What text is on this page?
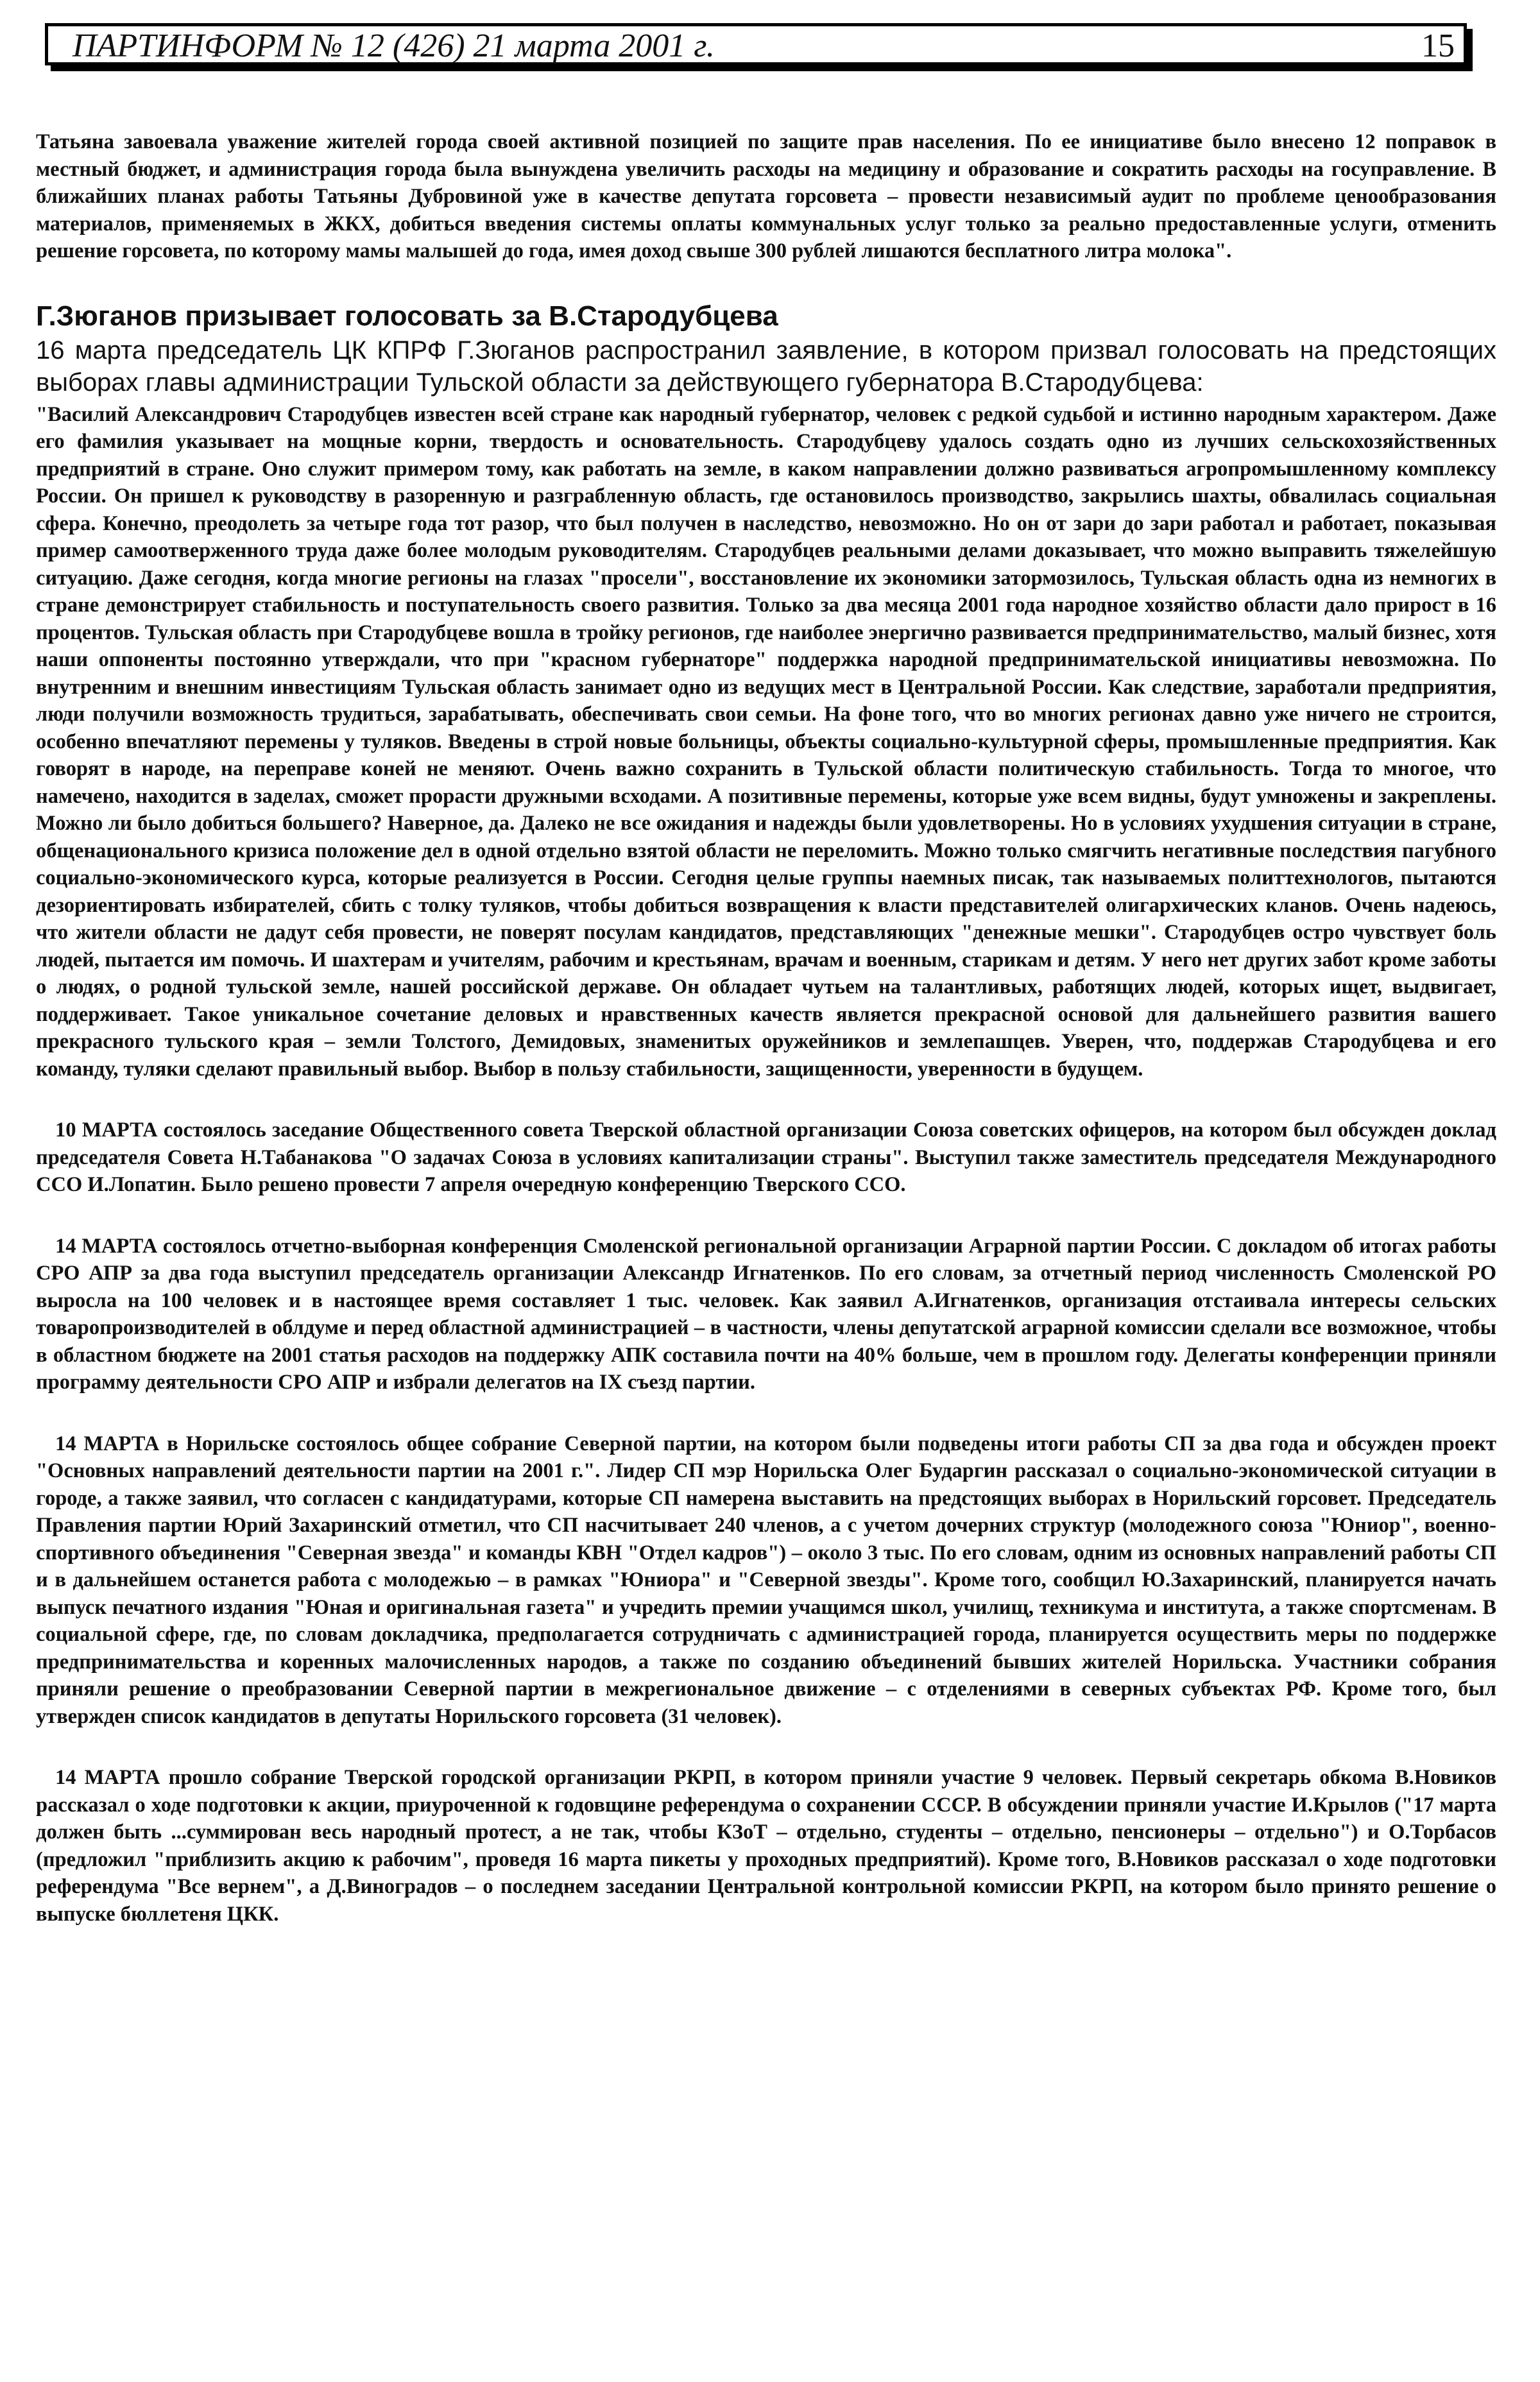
ПАРТИНФОРМ № 12 (426) 21 марта 2001 г.	15

Татьяна завоевала уважение жителей города своей активной позицией по защите прав населения. По ее инициативе было внесено 12 поправок в местный бюджет, и администрация города была вынуждена увеличить расходы на медицину и образование и сократить расходы на госуправление. В ближайших планах работы Татьяны Дубровиной уже в качестве депутата горсовета – провести независимый аудит по проблеме ценообразования материалов, применяемых в ЖКХ, добиться введения системы оплаты коммунальных услуг только за реально предоставленные услуги, отменить решение горсовета, по которому мамы малышей до года, имея доход свыше 300 рублей лишаются бесплатного литра молока".

Г.Зюганов призывает голосовать за В.Стародубцева

16 марта председатель ЦК КПРФ Г.Зюганов распространил заявление, в котором призвал голосовать на предстоящих выборах главы администрации Тульской области за действующего губернатора В.Стародубцева:

"Василий Александрович Стародубцев известен всей стране как народный губернатор, человек с редкой судьбой и истинно народным характером. Даже его фамилия указывает на мощные корни, твердость и основательность. Стародубцеву удалось создать одно из лучших сельскохозяйственных предприятий в стране. Оно служит примером тому, как работать на земле, в каком направлении должно развиваться агропромышленному комплексу России. Он пришел к руководству в разоренную и разграбленную область, где остановилось производство, закрылись шахты, обвалилась социальная сфера. Конечно, преодолеть за четыре года тот разор, что был получен в наследство, невозможно. Но он от зари до зари работал и работает, показывая пример самоотверженного труда даже более молодым руководителям. Стародубцев реальными делами доказывает, что можно выправить тяжелейшую ситуацию. Даже сегодня, когда многие регионы на глазах "просели", восстановление их экономики затормозилось, Тульская область одна из немногих в стране демонстрирует стабильность и поступательность своего развития. Только за два месяца 2001 года народное хозяйство области дало прирост в 16 процентов. Тульская область при Стародубцеве вошла в тройку регионов, где наиболее энергично развивается предпринимательство, малый бизнес, хотя наши оппоненты постоянно утверждали, что при "красном губернаторе" поддержка народной предпринимательской инициативы невозможна. По внутренним и внешним инвестициям Тульская область занимает одно из ведущих мест в Центральной России. Как следствие, заработали предприятия, люди получили возможность трудиться, зарабатывать, обеспечивать свои семьи. На фоне того, что во многих регионах давно уже ничего не строится, особенно впечатляют перемены у туляков. Введены в строй новые больницы, объекты социально-культурной сферы, промышленные предприятия. Как говорят в народе, на переправе коней не меняют. Очень важно сохранить в Тульской области политическую стабильность. Тогда то многое, что намечено, находится в заделах, сможет прорасти дружными всходами. А позитивные перемены, которые уже всем видны, будут умножены и закреплены. Можно ли было добиться большего? Наверное, да. Далеко не все ожидания и надежды были удовлетворены. Но в условиях ухудшения ситуации в стране, общенационального кризиса положение дел в одной отдельно взятой области не переломить. Можно только смягчить негативные последствия пагубного социально-экономического курса, которые реализуется в России. Сегодня целые группы наемных писак, так называемых политтехнологов, пытаются дезориентировать избирателей, сбить с толку туляков, чтобы добиться возвращения к власти представителей олигархических кланов. Очень надеюсь, что жители области не дадут себя провести, не поверят посулам кандидатов, представляющих "денежные мешки". Стародубцев остро чувствует боль людей, пытается им помочь. И шахтерам и учителям, рабочим и крестьянам, врачам и военным, старикам и детям. У него нет других забот кроме заботы о людях, о родной тульской земле, нашей российской державе. Он обладает чутьем на талантливых, работящих людей, которых ищет, выдвигает, поддерживает. Такое уникальное сочетание деловых и нравственных качеств является прекрасной основой для дальнейшего развития вашего прекрасного тульского края – земли Толстого, Демидовых, знаменитых оружейников и землепашцев. Уверен, что, поддержав Стародубцева и его команду, туляки сделают правильный выбор. Выбор в пользу стабильности, защищенности, уверенности в будущем.

10 МАРТА состоялось заседание Общественного совета Тверской областной организации Союза советских офицеров, на котором был обсужден доклад председателя Совета Н.Табанакова "О задачах Союза в условиях капитализации страны". Выступил также заместитель председателя Международного ССО И.Лопатин. Было решено провести 7 апреля очередную конференцию Тверского ССО.

14 МАРТА состоялось отчетно-выборная конференция Смоленской региональной организации Аграрной партии России. С докладом об итогах работы СРО АПР за два года выступил председатель организации Александр Игнатенков. По его словам, за отчетный период численность Смоленской РО выросла на 100 человек и в настоящее время составляет 1 тыс. человек. Как заявил А.Игнатенков, организация отстаивала интересы сельских товаропроизводителей в облдуме и перед областной администрацией – в частности, члены депутатской аграрной комиссии сделали все возможное, чтобы в областном бюджете на 2001 статья расходов на поддержку АПК составила почти на 40% больше, чем в прошлом году. Делегаты конференции приняли программу деятельности СРО АПР и избрали делегатов на IX съезд партии.

14 МАРТА в Норильске состоялось общее собрание Северной партии, на котором были подведены итоги работы СП за два года и обсужден проект "Основных направлений деятельности партии на 2001 г.". Лидер СП мэр Норильска Олег Бударгин рассказал о социально-экономической ситуации в городе, а также заявил, что согласен с кандидатурами, которые СП намерена выставить на предстоящих выборах в Норильский горсовет. Председатель Правления партии Юрий Захаринский отметил, что СП насчитывает 240 членов, а с учетом дочерних структур (молодежного союза "Юниор", военно-спортивного объединения "Северная звезда" и команды КВН "Отдел кадров") – около 3 тыс. По его словам, одним из основных направлений работы СП и в дальнейшем останется работа с молодежью – в рамках "Юниора" и "Северной звезды". Кроме того, сообщил Ю.Захаринский, планируется начать выпуск печатного издания "Юная и оригинальная газета" и учредить премии учащимся школ, училищ, техникума и института, а также спортсменам. В социальной сфере, где, по словам докладчика, предполагается сотрудничать с администрацией города, планируется осуществить меры по поддержке предпринимательства и коренных малочисленных народов, а также по созданию объединений бывших жителей Норильска. Участники собрания приняли решение о преобразовании Северной партии в межрегиональное движение – с отделениями в северных субъектах РФ. Кроме того, был утвержден список кандидатов в депутаты Норильского горсовета (31 человек).

14 МАРТА прошло собрание Тверской городской организации РКРП, в котором приняли участие 9 человек. Первый секретарь обкома В.Новиков рассказал о ходе подготовки к акции, приуроченной к годовщине референдума о сохранении СССР. В обсуждении приняли участие И.Крылов ("17 марта должен быть ...суммирован весь народный протест, а не так, чтобы КЗоТ – отдельно, студенты – отдельно, пенсионеры – отдельно") и О.Торбасов (предложил "приблизить акцию к рабочим", проведя 16 марта пикеты у проходных предприятий). Кроме того, В.Новиков рассказал о ходе подготовки референдума "Все вернем", а Д.Виноградов – о последнем заседании Центральной контрольной комиссии РКРП, на котором было принято решение о выпуске бюллетеня ЦКК.
